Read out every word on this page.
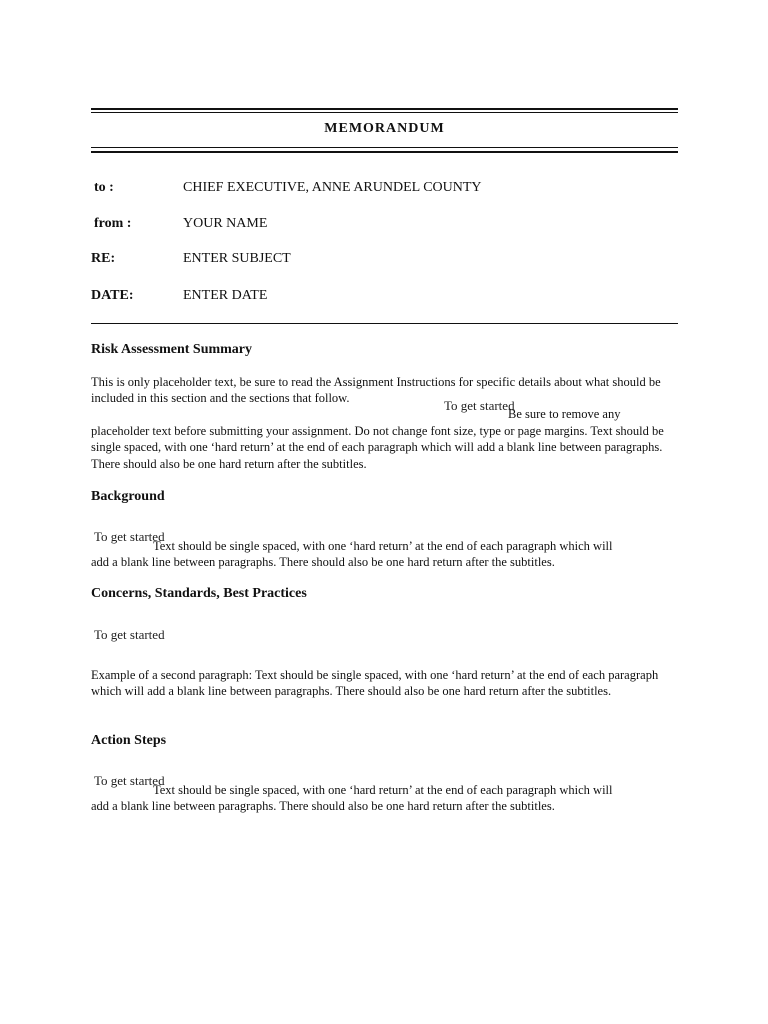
MEMORANDUM
to :	CHIEF EXECUTIVE, ANNE ARUNDEL COUNTY
from :	YOUR NAME
RE:	ENTER SUBJECT
DATE:	ENTER DATE
Risk Assessment Summary
This is only placeholder text, be sure to read the Assignment Instructions for specific details about what should be included in this section and the sections that follow.	To get started
Be sure to remove any
placeholder text before submitting your assignment. Do not change font size, type or page margins. Text should be single spaced, with one ‘hard return’ at the end of each paragraph which will add a blank line between paragraphs. There should also be one hard return after the subtitles.
Background
To get started
Text should be single spaced, with one ‘hard return’ at the end of each paragraph which will
add a blank line between paragraphs. There should also be one hard return after the subtitles.
Concerns, Standards, Best Practices
To get started
Example of a second paragraph: Text should be single spaced, with one ‘hard return’ at the end of each paragraph which will add a blank line between paragraphs. There should also be one hard return after the subtitles.
Action Steps
To get started
Text should be single spaced, with one ‘hard return’ at the end of each paragraph which will
add a blank line between paragraphs. There should also be one hard return after the subtitles.
